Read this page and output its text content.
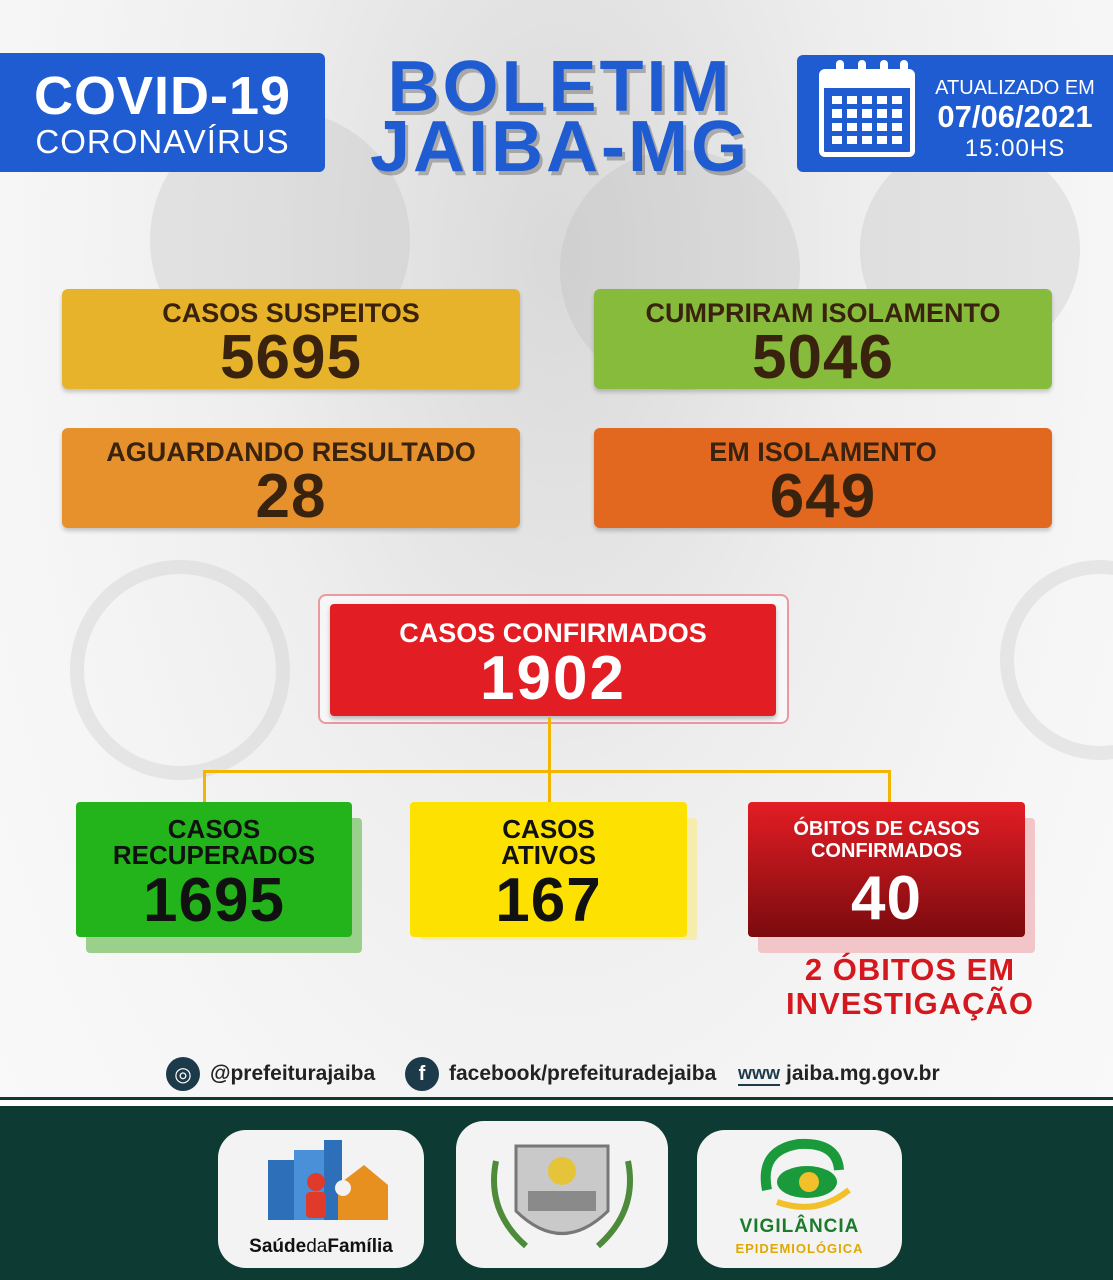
COVID-19
CORONAVÍRUS
BOLETIM
JAIBA-MG
ATUALIZADO EM
07/06/2021
15:00HS
CASOS SUSPEITOS
5695
CUMPRIRAM ISOLAMENTO
5046
AGUARDANDO RESULTADO
28
EM ISOLAMENTO
649
CASOS CONFIRMADOS
1902
CASOS
RECUPERADOS
1695
CASOS
ATIVOS
167
ÓBITOS DE CASOS
CONFIRMADOS
40
2 ÓBITOS EM
INVESTIGAÇÃO
◎ @prefeiturajaiba	f	facebook/prefeituradejaiba www jaiba.mg.gov.br
SaúdedaFamília
VIGILÂNCIA
EPIDEMIOLÓGICA
